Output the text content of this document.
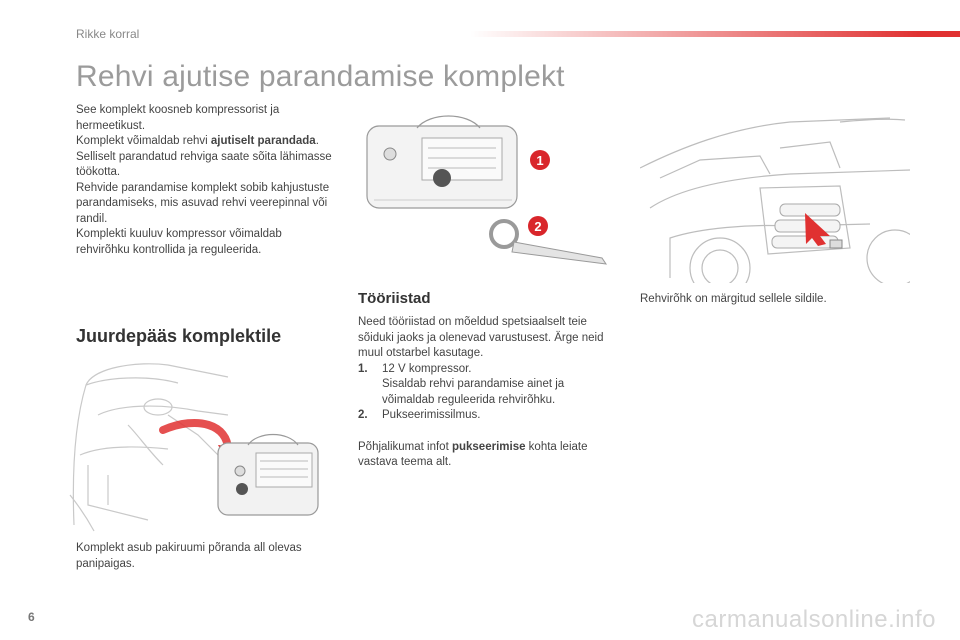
Rikke korral
Rehvi ajutise parandamise komplekt

See komplekt koosneb kompressorist ja hermeetikust.

Komplekt võimaldab rehvi ajutiselt parandada.

Selliselt parandatud rehviga saate sõita lähimasse töökotta.

Rehvide parandamise komplekt sobib kahjustuste parandamiseks, mis asuvad rehvi veerepinnal või randil.

Komplekti kuuluv kompressor võimaldab rehvirõhku kontrollida ja reguleerida.

Juurdepääs komplektile
Komplekt asub pakiruumi põranda all olevas panipaigas.
1
2
Tööriistad

Need tööriistad on mõeldud spetsiaalselt teie sõiduki jaoks ja olenevad varustusest. Ärge neid muul otstarbel kasutage.

1.	12 V kompressor.
Sisaldab rehvi parandamise ainet ja võimaldab reguleerida rehvirõhku.
2.	Pukseerimissilmus.

Põhjalikumat infot pukseerimise kohta leiate vastava teema alt.

Rehvirõhk on märgitud sellele sildile.
6	carmanualsonline.info
